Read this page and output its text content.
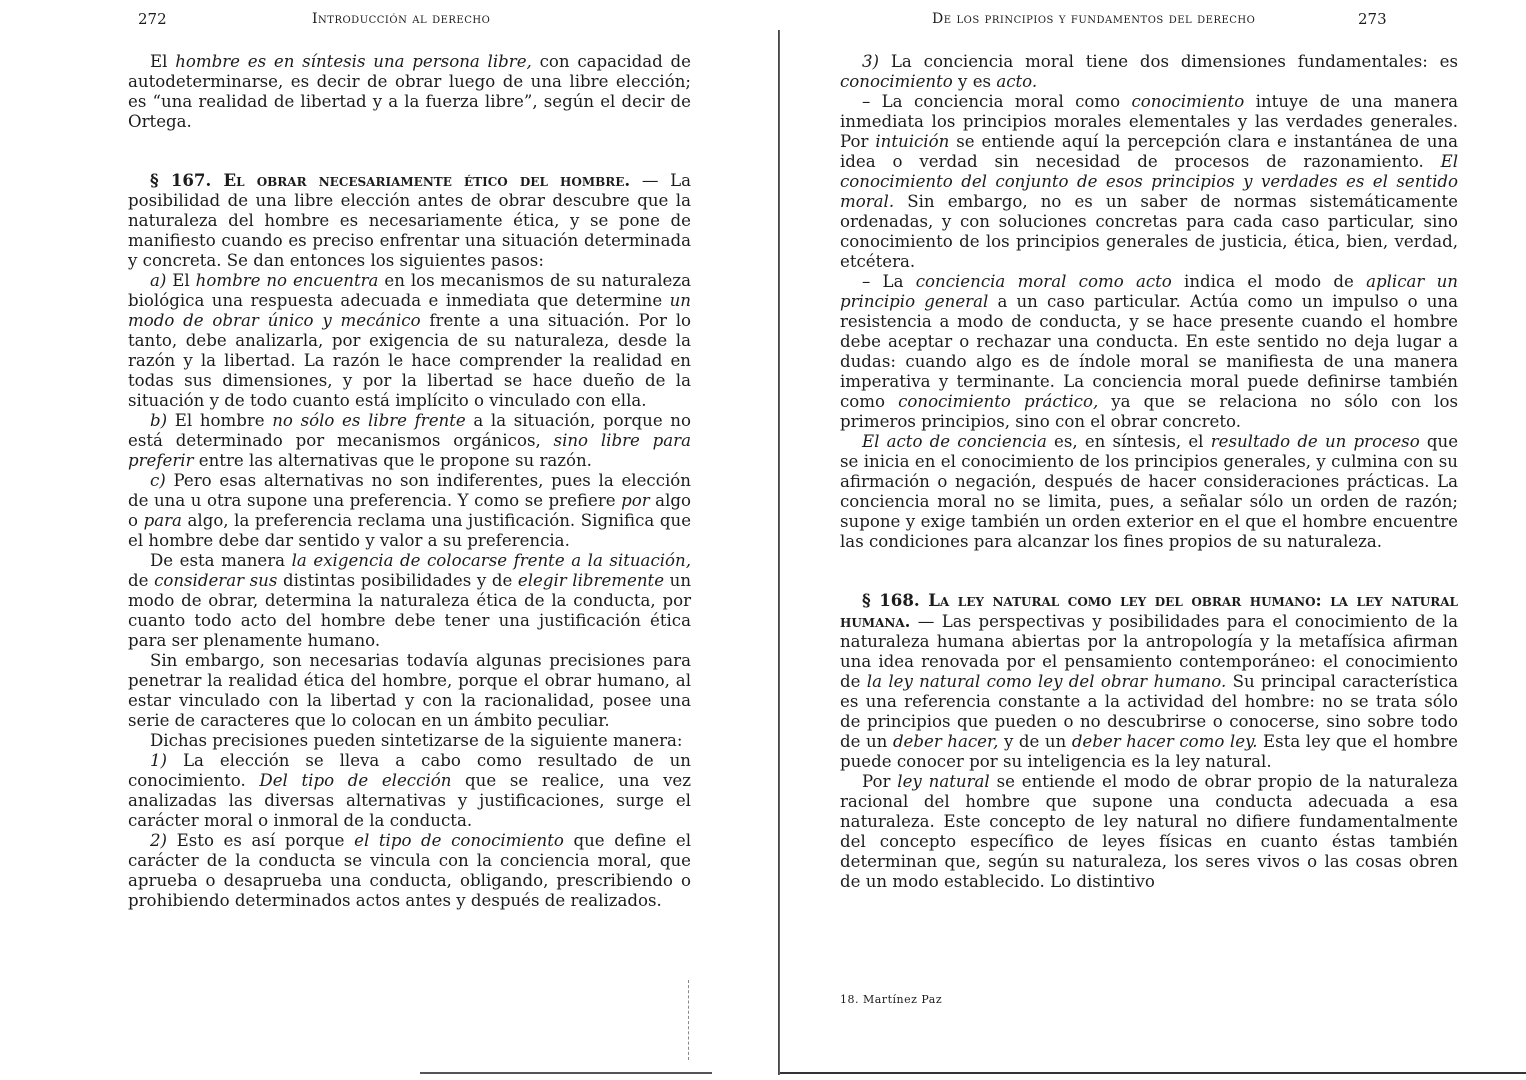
272	Introducción al derecho

El hombre es en síntesis una persona libre, con capacidad de autodeterminarse, es decir de obrar luego de una libre elección; es “una realidad de libertad y a la fuerza libre”, según el decir de Ortega.

§ 167. El obrar necesariamente ético del hombre. — La posibilidad de una libre elección antes de obrar descubre que la naturaleza del hombre es necesariamente ética, y se pone de manifiesto cuando es preciso enfrentar una situación determinada y concreta. Se dan entonces los siguientes pasos:

a) El hombre no encuentra en los mecanismos de su naturaleza biológica una respuesta adecuada e inmediata que determine un modo de obrar único y mecánico frente a una situación. Por lo tanto, debe analizarla, por exigencia de su naturaleza, desde la razón y la libertad. La razón le hace comprender la realidad en todas sus dimensiones, y por la libertad se hace dueño de la situación y de todo cuanto está implícito o vinculado con ella.

b) El hombre no sólo es libre frente a la situación, porque no está determinado por mecanismos orgánicos, sino libre para preferir entre las alternativas que le propone su razón.

c) Pero esas alternativas no son indiferentes, pues la elección de una u otra supone una preferencia. Y como se prefiere por algo o para algo, la preferencia reclama una justificación. Significa que el hombre debe dar sentido y valor a su preferencia.

De esta manera la exigencia de colocarse frente a la situación, de considerar sus distintas posibilidades y de elegir libremente un modo de obrar, determina la naturaleza ética de la conducta, por cuanto todo acto del hombre debe tener una justificación ética para ser plenamente humano.

Sin embargo, son necesarias todavía algunas precisiones para penetrar la realidad ética del hombre, porque el obrar humano, al estar vinculado con la libertad y con la racionalidad, posee una serie de caracteres que lo colocan en un ámbito peculiar.

Dichas precisiones pueden sintetizarse de la siguiente manera:

1) La elección se lleva a cabo como resultado de un conocimiento. Del tipo de elección que se realice, una vez analizadas las diversas alternativas y justificaciones, surge el carácter moral o inmoral de la conducta.

2) Esto es así porque el tipo de conocimiento que define el carácter de la conducta se vincula con la conciencia moral, que aprueba o desaprueba una conducta, obligando, prescribiendo o prohibiendo determinados actos antes y después de realizados.

De los principios y fundamentos del derecho	273

3) La conciencia moral tiene dos dimensiones fundamentales: es conocimiento y es acto.

– La conciencia moral como conocimiento intuye de una manera inmediata los principios morales elementales y las verdades generales. Por intuición se entiende aquí la percepción clara e instantánea de una idea o verdad sin necesidad de procesos de razonamiento. El conocimiento del conjunto de esos principios y verdades es el sentido moral. Sin embargo, no es un saber de normas sistemáticamente ordenadas, y con soluciones concretas para cada caso particular, sino conocimiento de los principios generales de justicia, ética, bien, verdad, etcétera.

– La conciencia moral como acto indica el modo de aplicar un principio general a un caso particular. Actúa como un impulso o una resistencia a modo de conducta, y se hace presente cuando el hombre debe aceptar o rechazar una conducta. En este sentido no deja lugar a dudas: cuando algo es de índole moral se manifiesta de una manera imperativa y terminante. La conciencia moral puede definirse también como conocimiento práctico, ya que se relaciona no sólo con los primeros principios, sino con el obrar concreto.

El acto de conciencia es, en síntesis, el resultado de un proceso que se inicia en el conocimiento de los principios generales, y culmina con su afirmación o negación, después de hacer consideraciones prácticas. La conciencia moral no se limita, pues, a señalar sólo un orden de razón; supone y exige también un orden exterior en el que el hombre encuentre las condiciones para alcanzar los fines propios de su naturaleza.

§ 168. La ley natural como ley del obrar humano: la ley natural humana. — Las perspectivas y posibilidades para el conocimiento de la naturaleza humana abiertas por la antropología y la metafísica afirman una idea renovada por el pensamiento contemporáneo: el conocimiento de la ley natural como ley del obrar humano. Su principal característica es una referencia constante a la actividad del hombre: no se trata sólo de principios que pueden o no descubrirse o conocerse, sino sobre todo de un deber hacer, y de un deber hacer como ley. Esta ley que el hombre puede conocer por su inteligencia es la ley natural.

Por ley natural se entiende el modo de obrar propio de la naturaleza racional del hombre que supone una conducta adecuada a esa naturaleza. Este concepto de ley natural no difiere fundamentalmente del concepto específico de leyes físicas en cuanto éstas también determinan que, según su naturaleza, los seres vivos o las cosas obren de un modo establecido. Lo distintivo

18. Martínez Paz
